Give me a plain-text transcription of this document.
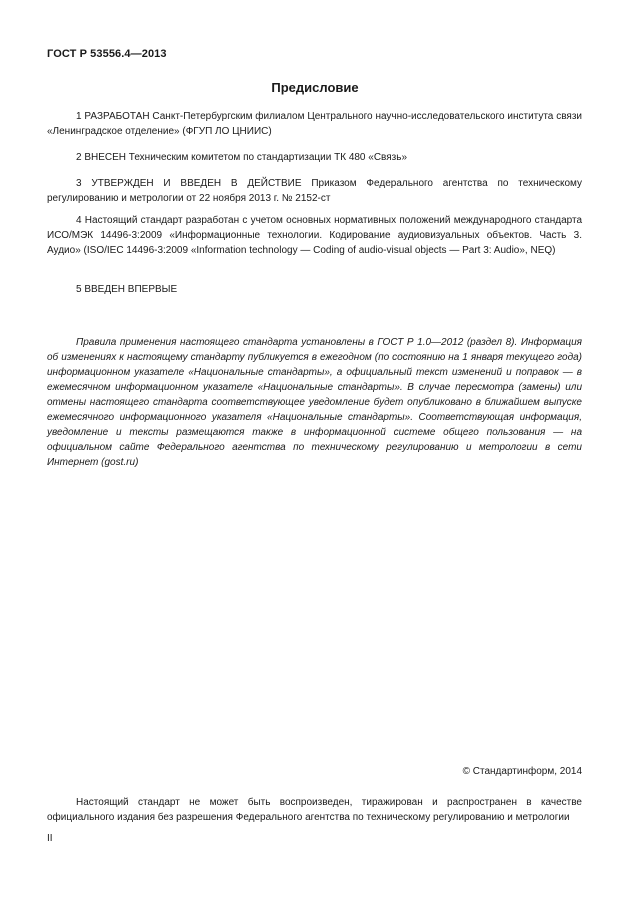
ГОСТ Р 53556.4—2013
Предисловие
1 РАЗРАБОТАН Санкт-Петербургским филиалом Центрального научно-исследовательского института связи «Ленинградское отделение» (ФГУП ЛО ЦНИИС)
2 ВНЕСЕН Техническим комитетом по стандартизации ТК 480 «Связь»
3 УТВЕРЖДЕН И ВВЕДЕН В ДЕЙСТВИЕ Приказом Федерального агентства по техническому регулированию и метрологии от 22 ноября 2013 г. № 2152-ст
4 Настоящий стандарт разработан с учетом основных нормативных положений международного стандарта ИСО/МЭК 14496-3:2009 «Информационные технологии. Кодирование аудиовизуальных объектов. Часть 3. Аудио» (ISO/IEC 14496-3:2009 «Information technology — Coding of audio-visual objects — Part 3: Audio», NEQ)
5 ВВЕДЕН ВПЕРВЫЕ
Правила применения настоящего стандарта установлены в ГОСТ Р 1.0—2012 (раздел 8). Информация об изменениях к настоящему стандарту публикуется в ежегодном (по состоянию на 1 января текущего года) информационном указателе «Национальные стандарты», а официальный текст изменений и поправок — в ежемесячном информационном указателе «Национальные стандарты». В случае пересмотра (замены) или отмены настоящего стандарта соответствующее уведомление будет опубликовано в ближайшем выпуске ежемесячного информационного указателя «Национальные стандарты». Соответствующая информация, уведомление и тексты размещаются также в информационной системе общего пользования — на официальном сайте Федерального агентства по техническому регулированию и метрологии в сети Интернет (gost.ru)
© Стандартинформ, 2014
Настоящий стандарт не может быть воспроизведен, тиражирован и распространен в качестве официального издания без разрешения Федерального агентства по техническому регулированию и метрологии
II
